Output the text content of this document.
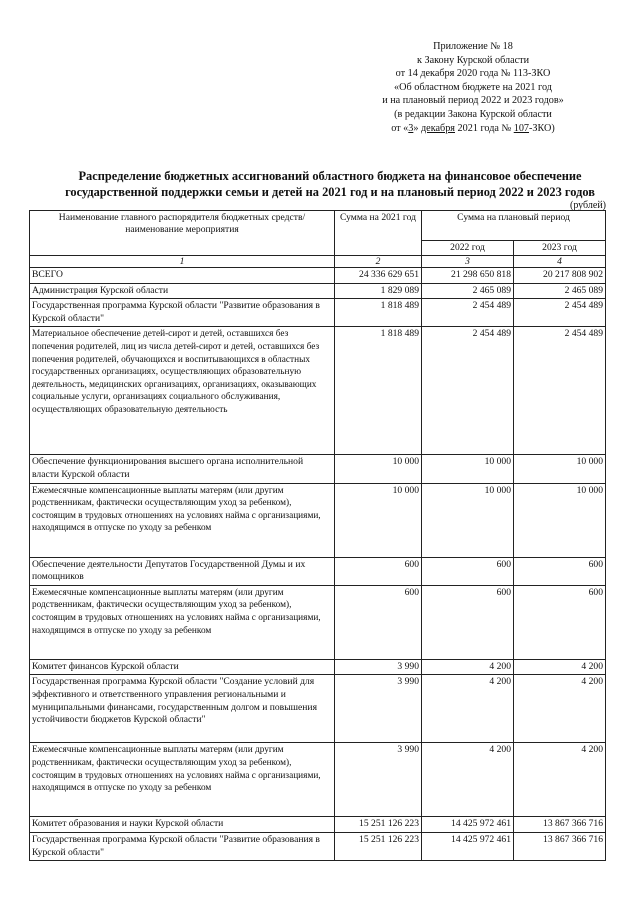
Приложение № 18
к Закону Курской области
от 14 декабря 2020 года № 113-ЗКО
«Об областном бюджете на 2021 год
и на плановый период 2022 и 2023 годов»
(в редакции Закона Курской области
от «3» декабря 2021 года № 107-ЗКО)
Распределение бюджетных ассигнований областного бюджета на финансовое обеспечение
государственной поддержки семьи и детей на 2021 год и на плановый период 2022 и 2023 годов
(рублей)
Наименование главного распорядителя бюджетных средств/наименование мероприятия	Сумма на 2021 год	Сумма на плановый период	
		2022 год	2023 год
1	2	3	4
ВСЕГО	24 336 629 651	21 298 650 818	20 217 808 902
Администрация Курской области	1 829 089	2 465 089	2 465 089
Государственная программа Курской области "Развитие образования в Курской области"	1 818 489	2 454 489	2 454 489
Материальное обеспечение детей-сирот и детей, оставшихся без попечения родителей, лиц из числа детей-сирот и детей, оставшихся без попечения родителей, обучающихся и воспитывающихся в областных государственных организациях, осуществляющих образовательную деятельность, медицинских организациях, организациях, оказывающих социальные услуги, организациях социального обслуживания, осуществляющих образовательную деятельность	1 818 489	2 454 489	2 454 489
Обеспечение функционирования высшего органа исполнительной власти Курской области	10 000	10 000	10 000
Ежемесячные компенсационные выплаты матерям (или другим родственникам, фактически осуществляющим уход за ребенком), состоящим в трудовых отношениях на условиях найма с организациями, находящимся в отпуске по уходу за ребенком	10 000	10 000	10 000
Обеспечение деятельности Депутатов Государственной Думы и их помощников	600	600	600
Ежемесячные компенсационные выплаты матерям (или другим родственникам, фактически осуществляющим уход за ребенком), состоящим в трудовых отношениях на условиях найма с организациями, находящимся в отпуске по уходу за ребенком	600	600	600
Комитет финансов Курской области	3 990	4 200	4 200
Государственная программа Курской области "Создание условий для эффективного и ответственного управления региональными и муниципальными финансами, государственным долгом и повышения устойчивости бюджетов Курской области"	3 990	4 200	4 200
Ежемесячные компенсационные выплаты матерям (или другим родственникам, фактически осуществляющим уход за ребенком), состоящим в трудовых отношениях на условиях найма с организациями, находящимся в отпуске по уходу за ребенком	3 990	4 200	4 200
Комитет образования и науки Курской области	15 251 126 223	14 425 972 461	13 867 366 716
Государственная программа Курской области "Развитие образования в Курской области"	15 251 126 223	14 425 972 461	13 867 366 716
